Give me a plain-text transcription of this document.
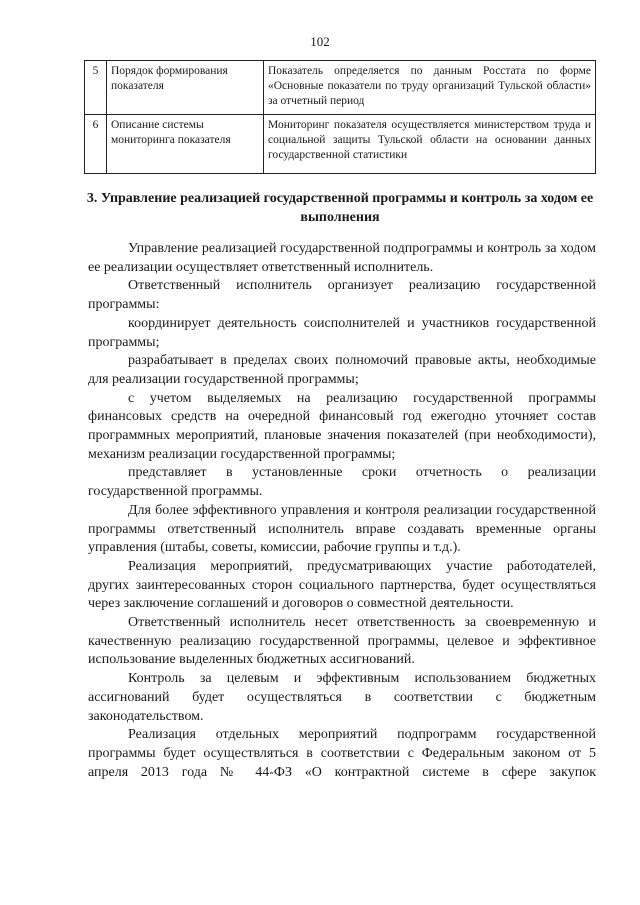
102
5	Порядок формирования показателя	Показатель определяется по данным Росстата по форме «Основные показатели по труду организаций Тульской области» за отчетный период
6	Описание системы мониторинга показателя	Мониторинг показателя осуществляется министерством труда и социальной защиты Тульской области на основании данных государственной статистики
3. Управление реализацией государственной программы и контроль за ходом ее выполнения

Управление реализацией государственной подпрограммы и контроль за ходом ее реализации осуществляет ответственный исполнитель.

Ответственный исполнитель организует реализацию государственной программы:

координирует деятельность соисполнителей и участников государственной программы;

разрабатывает в пределах своих полномочий правовые акты, необходимые для реализации государственной программы;

с учетом выделяемых на реализацию государственной программы финансовых средств на очередной финансовый год ежегодно уточняет состав программных мероприятий, плановые значения показателей (при необходимости), механизм реализации государственной программы;

представляет в установленные сроки отчетность о реализации государственной программы.

Для более эффективного управления и контроля реализации государственной программы ответственный исполнитель вправе создавать временные органы управления (штабы, советы, комиссии, рабочие группы и т.д.).

Реализация мероприятий, предусматривающих участие работодателей, других заинтересованных сторон социального партнерства, будет осуществляться через заключение соглашений и договоров о совместной деятельности.

Ответственный исполнитель несет ответственность за своевременную и качественную реализацию государственной программы, целевое и эффективное использование выделенных бюджетных ассигнований.

Контроль за целевым и эффективным использованием бюджетных ассигнований будет осуществляться в соответствии с бюджетным законодательством.

Реализация отдельных мероприятий подпрограмм государственной программы будет осуществляться в соответствии с Федеральным законом от 5 апреля 2013 года № 44-ФЗ «О контрактной системе в сфере закупок
